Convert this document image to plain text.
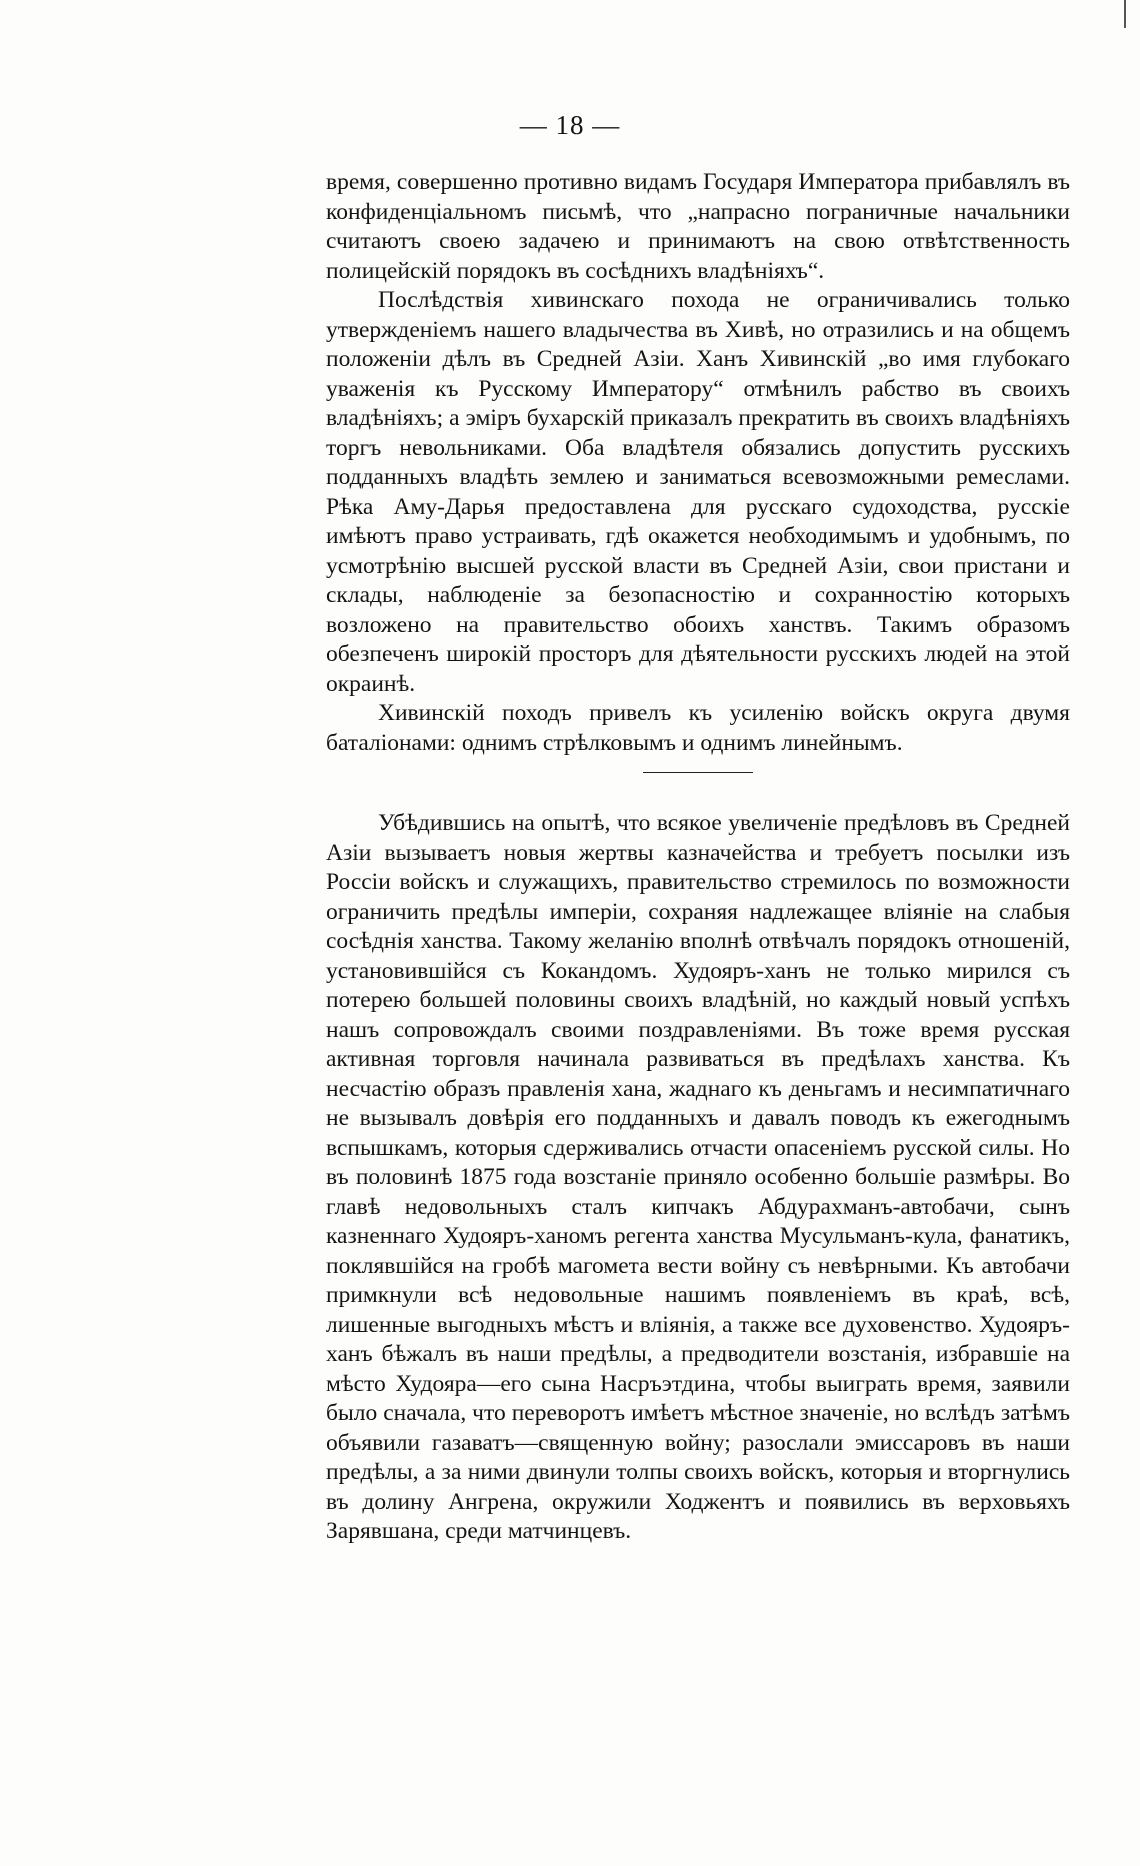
— 18 —

время, совершенно противно видамъ Государя Императора прибавлялъ въ конфиденціальномъ письмѣ, что „напрасно пограничные начальники считаютъ своею задачею и принимаютъ на свою отвѣтственность полицейскій порядокъ въ сосѣднихъ владѣніяхъ“.

Послѣдствія хивинскаго похода не ограничивались только утвержденіемъ нашего владычества въ Хивѣ, но отразились и на общемъ положеніи дѣлъ въ Средней Азіи. Ханъ Хивинскій „во имя глубокаго уваженія къ Русскому Императору“ отмѣнилъ рабство въ своихъ владѣніяхъ; а эміръ бухарскій приказалъ прекратить въ своихъ владѣніяхъ торгъ невольниками. Оба владѣтеля обязались допустить русскихъ подданныхъ владѣть землею и заниматься всевозможными ремеслами. Рѣка Аму-Дарья предоставлена для русскаго судоходства, русскіе имѣютъ право устраивать, гдѣ окажется необходимымъ и удобнымъ, по усмотрѣнію высшей русской власти въ Средней Азіи, свои пристани и склады, наблюденіе за безопасностію и сохранностію которыхъ возложено на правительство обоихъ ханствъ. Такимъ образомъ обезпеченъ широкій просторъ для дѣятельности русскихъ людей на этой окраинѣ.

Хивинскій походъ привелъ къ усиленію войскъ округа двумя баталіонами: однимъ стрѣлковымъ и однимъ линейнымъ.

Убѣдившись на опытѣ, что всякое увеличеніе предѣловъ въ Средней Азіи вызываетъ новыя жертвы казначейства и требуетъ посылки изъ Россіи войскъ и служащихъ, правительство стремилось по возможности ограничить предѣлы имперіи, сохраняя надлежащее вліяніе на слабыя сосѣднія ханства. Такому желанію вполнѣ отвѣчалъ порядокъ отношеній, установившійся съ Кокандомъ. Худояръ-ханъ не только мирился съ потерею большей половины своихъ владѣній, но каждый новый успѣхъ нашъ сопровождалъ своими поздравленіями. Въ тоже время русская активная торговля начинала развиваться въ предѣлахъ ханства. Къ несчастію образъ правленія хана, жаднаго къ деньгамъ и несимпатичнаго не вызывалъ довѣрія его подданныхъ и давалъ поводъ къ ежегоднымъ вспышкамъ, которыя сдерживались отчасти опасеніемъ русской силы. Но въ половинѣ 1875 года возстаніе приняло особенно большіе размѣры. Во главѣ недовольныхъ сталъ кипчакъ Абдурахманъ-автобачи, сынъ казненнаго Худояръ-ханомъ регента ханства Мусульманъ-кула, фанатикъ, поклявшійся на гробѣ магомета вести войну съ невѣрными. Къ автобачи примкнули всѣ недовольные нашимъ появленіемъ въ краѣ, всѣ, лишенные выгодныхъ мѣстъ и вліянія, а также все духовенство. Худояръ-ханъ бѣжалъ въ наши предѣлы, а предводители возстанія, избравшіе на мѣсто Худояра—его сына Насръэтдина, чтобы выиграть время, заявили было сначала, что переворотъ имѣетъ мѣстное значеніе, но вслѣдъ затѣмъ объявили газаватъ—священную войну; разослали эмиссаровъ въ наши предѣлы, а за ними двинули толпы своихъ войскъ, которыя и вторгнулись въ долину Ангрена, окружили Ходжентъ и появились въ верховьяхъ Зарявшана, среди матчинцевъ.
